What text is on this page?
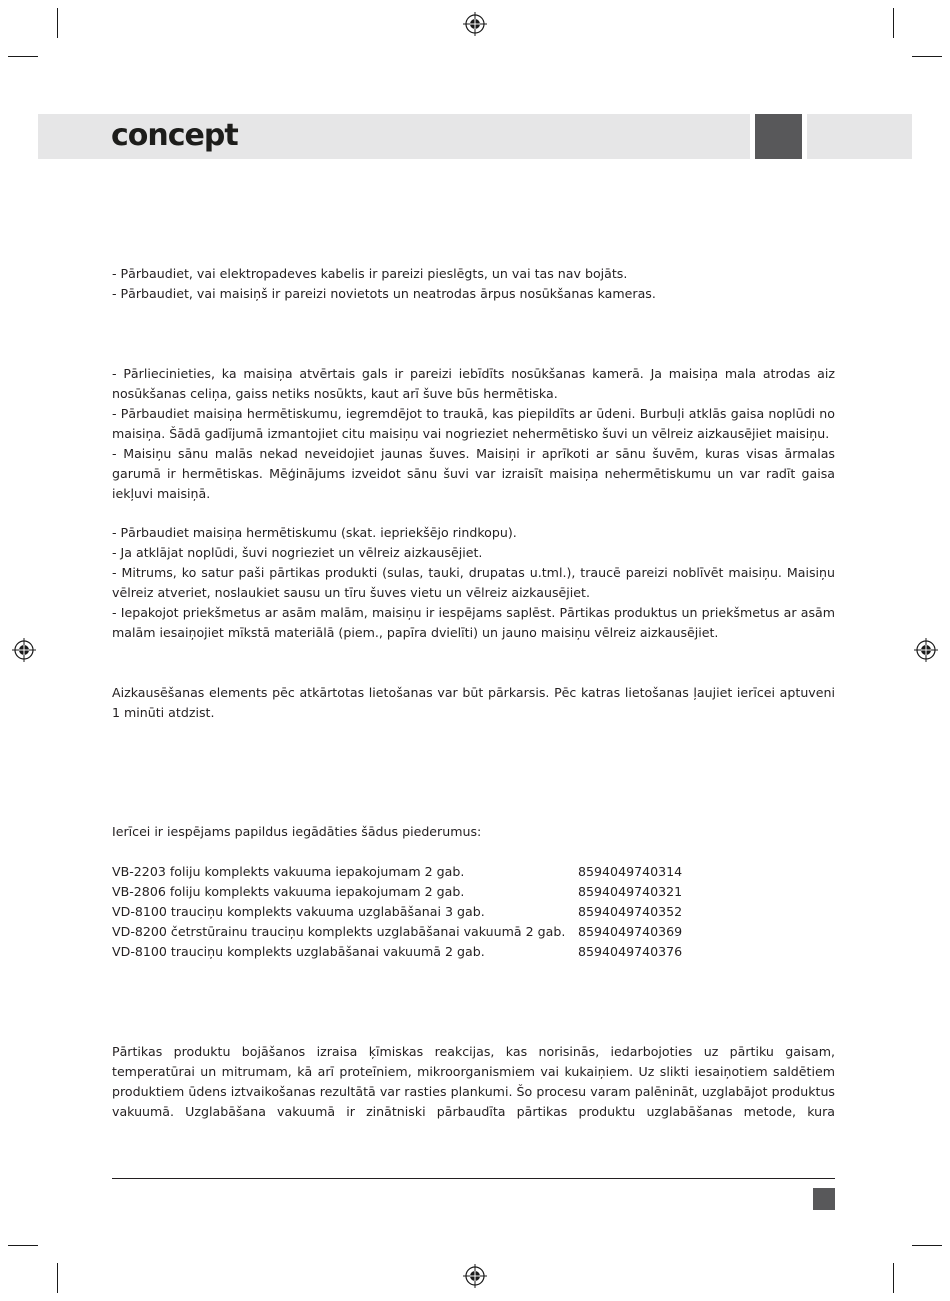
concept

- Pārbaudiet, vai elektropadeves kabelis ir pareizi pieslēgts, un vai tas nav bojāts.

- Pārbaudiet, vai maisiņš ir pareizi novietots un neatrodas ārpus nosūkšanas kameras.

- Pārliecinieties, ka maisiņa atvērtais gals ir pareizi iebīdīts nosūkšanas kamerā. Ja maisiņa mala atrodas aiz nosūkšanas celiņa, gaiss netiks nosūkts, kaut arī šuve būs hermētiska.

- Pārbaudiet maisiņa hermētiskumu, iegremdējot to traukā, kas piepildīts ar ūdeni. Burbuļi atklās gaisa noplūdi no maisiņa. Šādā gadījumā izmantojiet citu maisiņu vai nogrieziet nehermētisko šuvi un vēlreiz aizkausējiet maisiņu.

- Maisiņu sānu malās nekad neveidojiet jaunas šuves. Maisiņi ir aprīkoti ar sānu šuvēm, kuras visas ārmalas garumā ir hermētiskas. Mēģinājums izveidot sānu šuvi var izraisīt maisiņa nehermētiskumu un var radīt gaisa iekļuvi maisiņā.

- Pārbaudiet maisiņa hermētiskumu (skat. iepriekšējo rindkopu).

- Ja atklājat noplūdi, šuvi nogrieziet un vēlreiz aizkausējiet.

- Mitrums, ko satur paši pārtikas produkti (sulas, tauki, drupatas u.tml.), traucē pareizi noblīvēt maisiņu. Maisiņu vēlreiz atveriet, noslaukiet sausu un tīru šuves vietu un vēlreiz aizkausējiet.

- Iepakojot priekšmetus ar asām malām, maisiņu ir iespējams saplēst. Pārtikas produktus un priekšmetus ar asām malām iesaiņojiet mīkstā materiālā (piem., papīra dvielīti) un jauno maisiņu vēlreiz aizkausējiet.

Aizkausēšanas elements pēc atkārtotas lietošanas var būt pārkarsis. Pēc katras lietošanas ļaujiet ierīcei aptuveni 1 minūti atdzist.

Ierīcei ir iespējams papildus iegādāties šādus piederumus:
VB-2203 foliju komplekts vakuuma iepakojumam 2 gab.	8594049740314
VB-2806 foliju komplekts vakuuma iepakojumam 2 gab.	8594049740321
VD-8100 trauciņu komplekts vakuuma uzglabāšanai 3 gab.	8594049740352
VD-8200 četrstūrainu trauciņu komplekts uzglabāšanai vakuumā 2 gab.	8594049740369
VD-8100 trauciņu komplekts uzglabāšanai vakuumā 2 gab.	8594049740376

Pārtikas produktu bojāšanos izraisa ķīmiskas reakcijas, kas norisinās, iedarbojoties uz pārtiku gaisam, temperatūrai un mitrumam, kā arī proteīniem, mikroorganismiem vai kukaiņiem. Uz slikti iesaiņotiem saldētiem produktiem ūdens iztvaikošanas rezultātā var rasties plankumi. Šo procesu varam palēnināt, uzglabājot produktus vakuumā. Uzglabāšana vakuumā ir zinātniski pārbaudīta pārtikas produktu uzglabāšanas metode, kura
